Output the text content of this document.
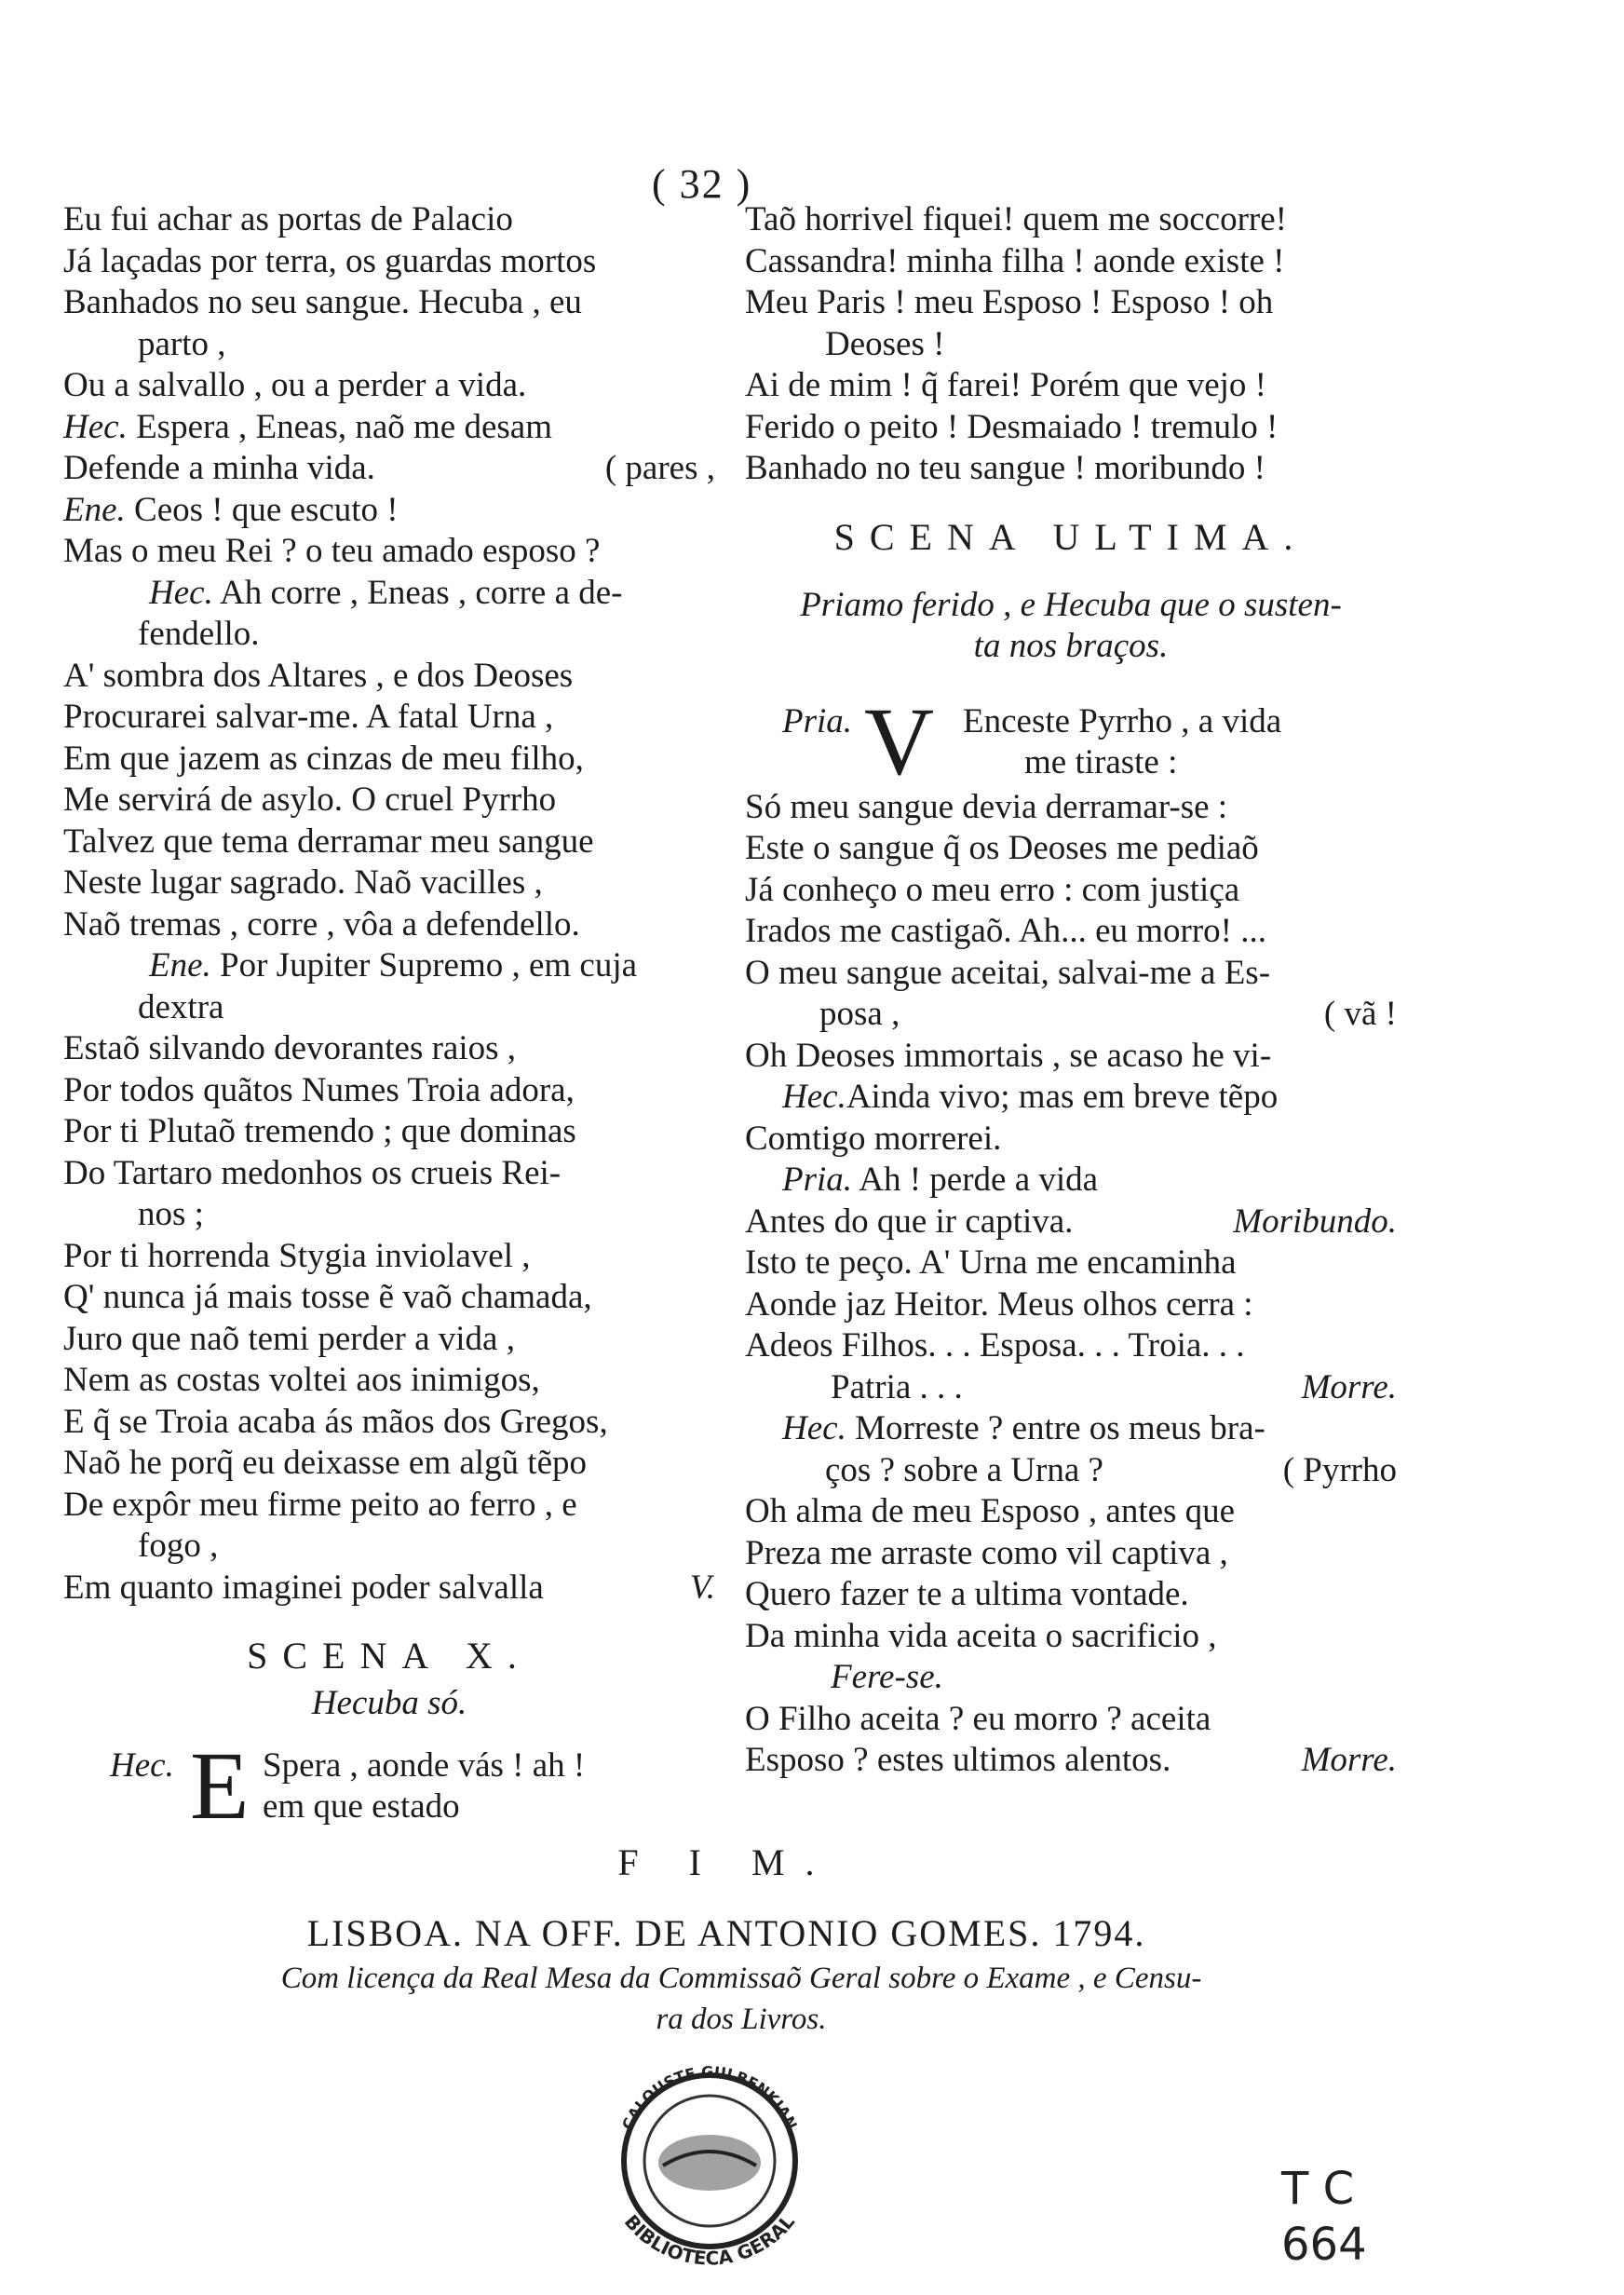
( 32 )
Eu fui achar as portas de Palacio
Já laçadas por terra, os guardas mortos
Banhados no seu sangue. Hecuba , eu
parto ,
Ou a salvallo , ou a perder a vida.
Hec. Espera , Eneas, naõ me desam
Defende a minha vida.	( pares ,
Ene. Ceos ! que escuto !
Mas o meu Rei ? o teu amado esposo ?
Hec. Ah corre , Eneas , corre a de-
fendello.
A' sombra dos Altares , e dos Deoses
Procurarei salvar-me. A fatal Urna ,
Em que jazem as cinzas de meu filho,
Me servirá de asylo. O cruel Pyrrho
Talvez que tema derramar meu sangue
Neste lugar sagrado. Naõ vacilles ,
Naõ tremas , corre , vôa a defendello.
Ene. Por Jupiter Supremo , em cuja
dextra
Estaõ silvando devorantes raios ,
Por todos quãtos Numes Troia adora,
Por ti Plutaõ tremendo ; que dominas
Do Tartaro medonhos os crueis Rei-
nos ;
Por ti horrenda Stygia inviolavel ,
Q' nunca já mais tosse ẽ vaõ chamada,
Juro que naõ temi perder a vida ,
Nem as costas voltei aos inimigos,
E q̃ se Troia acaba ás mãos dos Gregos,
Naõ he porq̃ eu deixasse em algũ tẽpo
De expôr meu firme peito ao ferro , e
fogo ,
Em quanto imaginei poder salvalla	V.
SCENA X.
Hecuba só.
Hec. E Spera , aonde vás ! ah !
em que estado
Taõ horrivel fiquei! quem me soccorre!
Cassandra! minha filha ! aonde existe !
Meu Paris ! meu Esposo ! Esposo ! oh
Deoses !
Ai de mim ! q̃ farei! Porém que vejo !
Ferido o peito ! Desmaiado ! tremulo !
Banhado no teu sangue ! moribundo !
SCENA ULTIMA.
Priamo ferido , e Hecuba que o susten-
ta nos braços.
Pria. V Enceste Pyrrho , a vida
me tiraste :
Só meu sangue devia derramar-se :
Este o sangue q̃ os Deoses me pediaõ
Já conheço o meu erro : com justiça
Irados me castigaõ. Ah... eu morro! ...
O meu sangue aceitai, salvai-me a Es-
posa ,	( vã !
Oh Deoses immortais , se acaso he vi-
Hec.Ainda vivo; mas em breve tẽpo
Comtigo morrerei.
Pria. Ah ! perde a vida
Antes do que ir captiva.	Moribundo.
Isto te peço. A' Urna me encaminha
Aonde jaz Heitor. Meus olhos cerra :
Adeos Filhos. . . Esposa. . . Troia. . .
Patria . . .	Morre.
Hec. Morreste ? entre os meus bra-
ços ? sobre a Urna ?	( Pyrrho
Oh alma de meu Esposo , antes que
Preza me arraste como vil captiva ,
Quero fazer te a ultima vontade.
Da minha vida aceita o sacrificio ,
Fere-se.
O Filho aceita ? eu morro ? aceita
Esposo ? estes ultimos alentos.	Morre.
F I M.
LISBOA. NA OFF. DE ANTONIO GOMES. 1794.
Com licença da Real Mesa da Commissaõ Geral sobre o Exame , e Censu-
ra dos Livros.
CALOUSTE GULBENKIAN
BIBLIOTECA GERAL
T C
664
